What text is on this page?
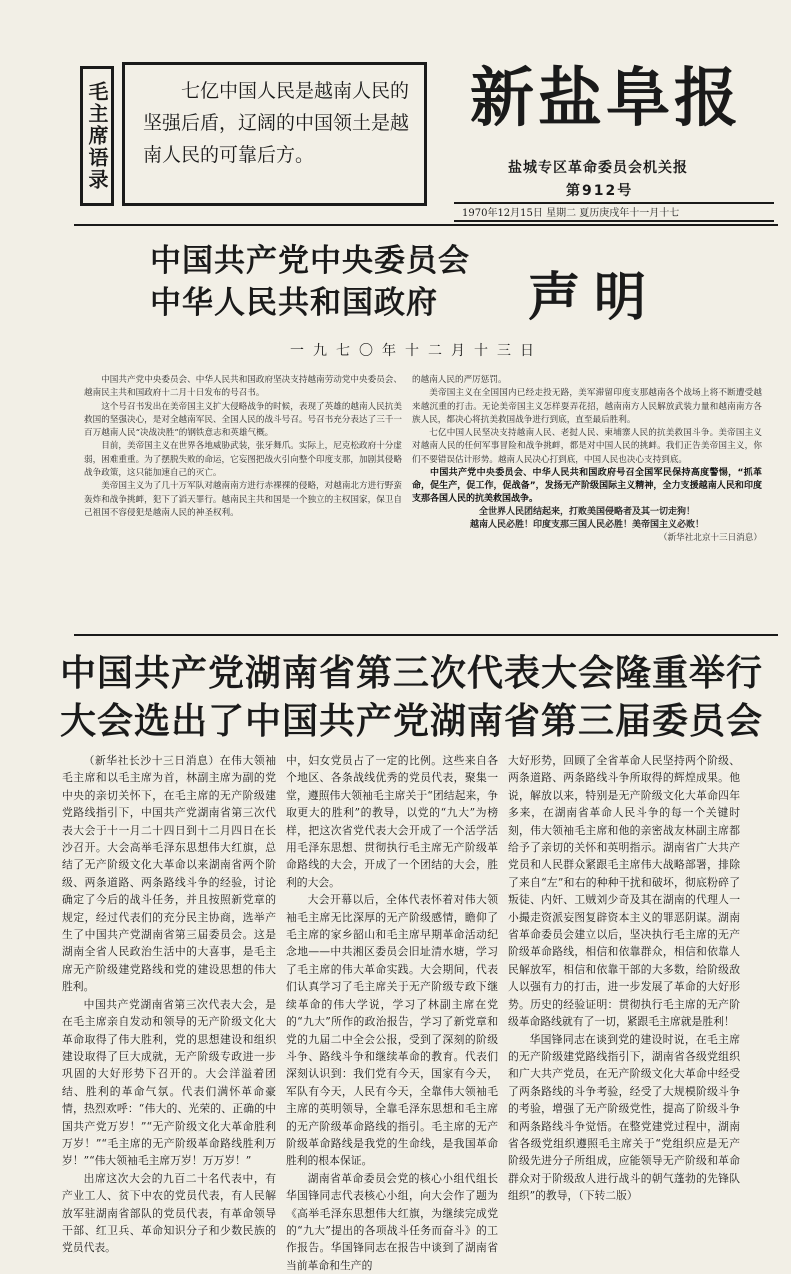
毛主席语录	七亿中国人民是越南人民的坚强后盾，辽阔的中国领土是越南人民的可靠后方。
新盐阜报
盐城专区革命委员会机关报
第912号
1970年12月15日 星期二 夏历庚戌年十一月十七
中国共产党中央委员会
中华人民共和国政府	声明
一九七〇年十二月十三日
中国共产党中央委员会、中华人民共和国政府坚决支持越南劳动党中央委员会、越南民主共和国政府十二月十日发布的号召书。
这个号召书发出在美帝国主义扩大侵略战争的时候，表现了英雄的越南人民抗美救国的坚强决心，是对全越南军民、全国人民的战斗号召。号召书充分表达了三千一百万越南人民“决战决胜”的钢铁意志和英雄气概。
目前，美帝国主义在世界各地威胁武装，张牙舞爪。实际上，尼克松政府十分虚弱，困难重重。为了摆脱失败的命运，它妄图把战火引向整个印度支那，加剧其侵略战争政策，这只能加速自己的灭亡。
美帝国主义为了几十万军队对越南南方进行赤裸裸的侵略，对越南北方进行野蛮轰炸和战争挑衅，犯下了滔天罪行。越南民主共和国是一个独立的主权国家，保卫自己祖国不容侵犯是越南人民的神圣权利。
的越南人民的严厉惩罚。
美帝国主义在全国国内已经走投无路，美军滞留印度支那越南各个战场上将不断遭受越来越沉重的打击。无论美帝国主义怎样耍弄花招，越南南方人民解放武装力量和越南南方各族人民，都决心将抗美救国战争进行到底，直至最后胜利。
七亿中国人民坚决支持越南人民、老挝人民、柬埔寨人民的抗美救国斗争。美帝国主义对越南人民的任何军事冒险和战争挑衅，都是对中国人民的挑衅。我们正告美帝国主义，你们不要错误估计形势。越南人民决心打到底，中国人民也决心支持到底。
中国共产党中央委员会、中华人民共和国政府号召全国军民保持高度警惕，“抓革命，促生产，促工作，促战备”，发扬无产阶级国际主义精神，全力支援越南人民和印度支那各国人民的抗美救国战争。
全世界人民团结起来，打败美国侵略者及其一切走狗！
越南人民必胜！印度支那三国人民必胜！美帝国主义必败！
（新华社北京十三日消息）
中国共产党湖南省第三次代表大会隆重举行
大会选出了中国共产党湖南省第三届委员会

（新华社长沙十三日消息）在伟大领袖毛主席和以毛主席为首，林副主席为副的党中央的亲切关怀下，在毛主席的无产阶级建党路线指引下，中国共产党湖南省第三次代表大会于十一月二十四日到十二月四日在长沙召开。大会高举毛泽东思想伟大红旗，总结了无产阶级文化大革命以来湖南省两个阶级、两条道路、两条路线斗争的经验，讨论确定了今后的战斗任务，并且按照新党章的规定，经过代表们的充分民主协商，选举产生了中国共产党湖南省第三届委员会。这是湖南全省人民政治生活中的大喜事，是毛主席无产阶级建党路线和党的建设思想的伟大胜利。

中国共产党湖南省第三次代表大会，是在毛主席亲自发动和领导的无产阶级文化大革命取得了伟大胜利，党的思想建设和组织建设取得了巨大成就，无产阶级专政进一步巩固的大好形势下召开的。大会洋溢着团结、胜利的革命气氛。代表们满怀革命豪情，热烈欢呼：“伟大的、光荣的、正确的中国共产党万岁！”“无产阶级文化大革命胜利万岁！”“毛主席的无产阶级革命路线胜利万岁！”“伟大领袖毛主席万岁！万万岁！”

出席这次大会的九百二十名代表中，有产业工人、贫下中农的党员代表，有人民解放军驻湖南省部队的党员代表，有革命领导干部、红卫兵、革命知识分子和少数民族的党员代表。

中，妇女党员占了一定的比例。这些来自各个地区、各条战线优秀的党员代表，聚集一堂，遵照伟大领袖毛主席关于“团结起来，争取更大的胜利”的教导，以党的“九大”为榜样，把这次省党代表大会开成了一个活学活用毛泽东思想、贯彻执行毛主席无产阶级革命路线的大会，开成了一个团结的大会，胜利的大会。

大会开幕以后，全体代表怀着对伟大领袖毛主席无比深厚的无产阶级感情，瞻仰了毛主席的家乡韶山和毛主席早期革命活动纪念地——中共湘区委员会旧址清水塘，学习了毛主席的伟大革命实践。大会期间，代表们认真学习了毛主席关于无产阶级专政下继续革命的伟大学说，学习了林副主席在党的“九大”所作的政治报告，学习了新党章和党的九届二中全会公报，受到了深刻的阶级斗争、路线斗争和继续革命的教育。代表们深刻认识到：我们党有今天，国家有今天，军队有今天，人民有今天，全靠伟大领袖毛主席的英明领导，全靠毛泽东思想和毛主席的无产阶级革命路线的指引。毛主席的无产阶级革命路线是我党的生命线，是我国革命胜利的根本保证。

湖南省革命委员会党的核心小组代组长华国锋同志代表核心小组，向大会作了题为《高举毛泽东思想伟大红旗，为继续完成党的“九大”提出的各项战斗任务而奋斗》的工作报告。华国锋同志在报告中谈到了湖南省当前革命和生产的

大好形势，回顾了全省革命人民坚持两个阶级、两条道路、两条路线斗争所取得的辉煌成果。他说，解放以来，特别是无产阶级文化大革命四年多来，在湖南省革命人民斗争的每一个关键时刻，伟大领袖毛主席和他的亲密战友林副主席都给予了亲切的关怀和英明指示。湖南省广大共产党员和人民群众紧跟毛主席伟大战略部署，排除了来自“左”和右的种种干扰和破坏，彻底粉碎了叛徒、内奸、工贼刘少奇及其在湖南的代理人一小撮走资派妄图复辟资本主义的罪恶阴谋。湖南省革命委员会建立以后，坚决执行毛主席的无产阶级革命路线，相信和依靠群众，相信和依靠人民解放军，相信和依靠干部的大多数，给阶级敌人以强有力的打击，进一步发展了革命的大好形势。历史的经验证明：贯彻执行毛主席的无产阶级革命路线就有了一切，紧跟毛主席就是胜利！

华国锋同志在谈到党的建设时说，在毛主席的无产阶级建党路线指引下，湖南省各级党组织和广大共产党员，在无产阶级文化大革命中经受了两条路线的斗争考验，经受了大规模阶级斗争的考验，增强了无产阶级党性，提高了阶级斗争和两条路线斗争觉悟。在整党建党过程中，湖南省各级党组织遵照毛主席关于“党组织应是无产阶级先进分子所组成，应能领导无产阶级和革命群众对于阶级敌人进行战斗的朝气蓬勃的先锋队组织”的教导，（下转二版）
